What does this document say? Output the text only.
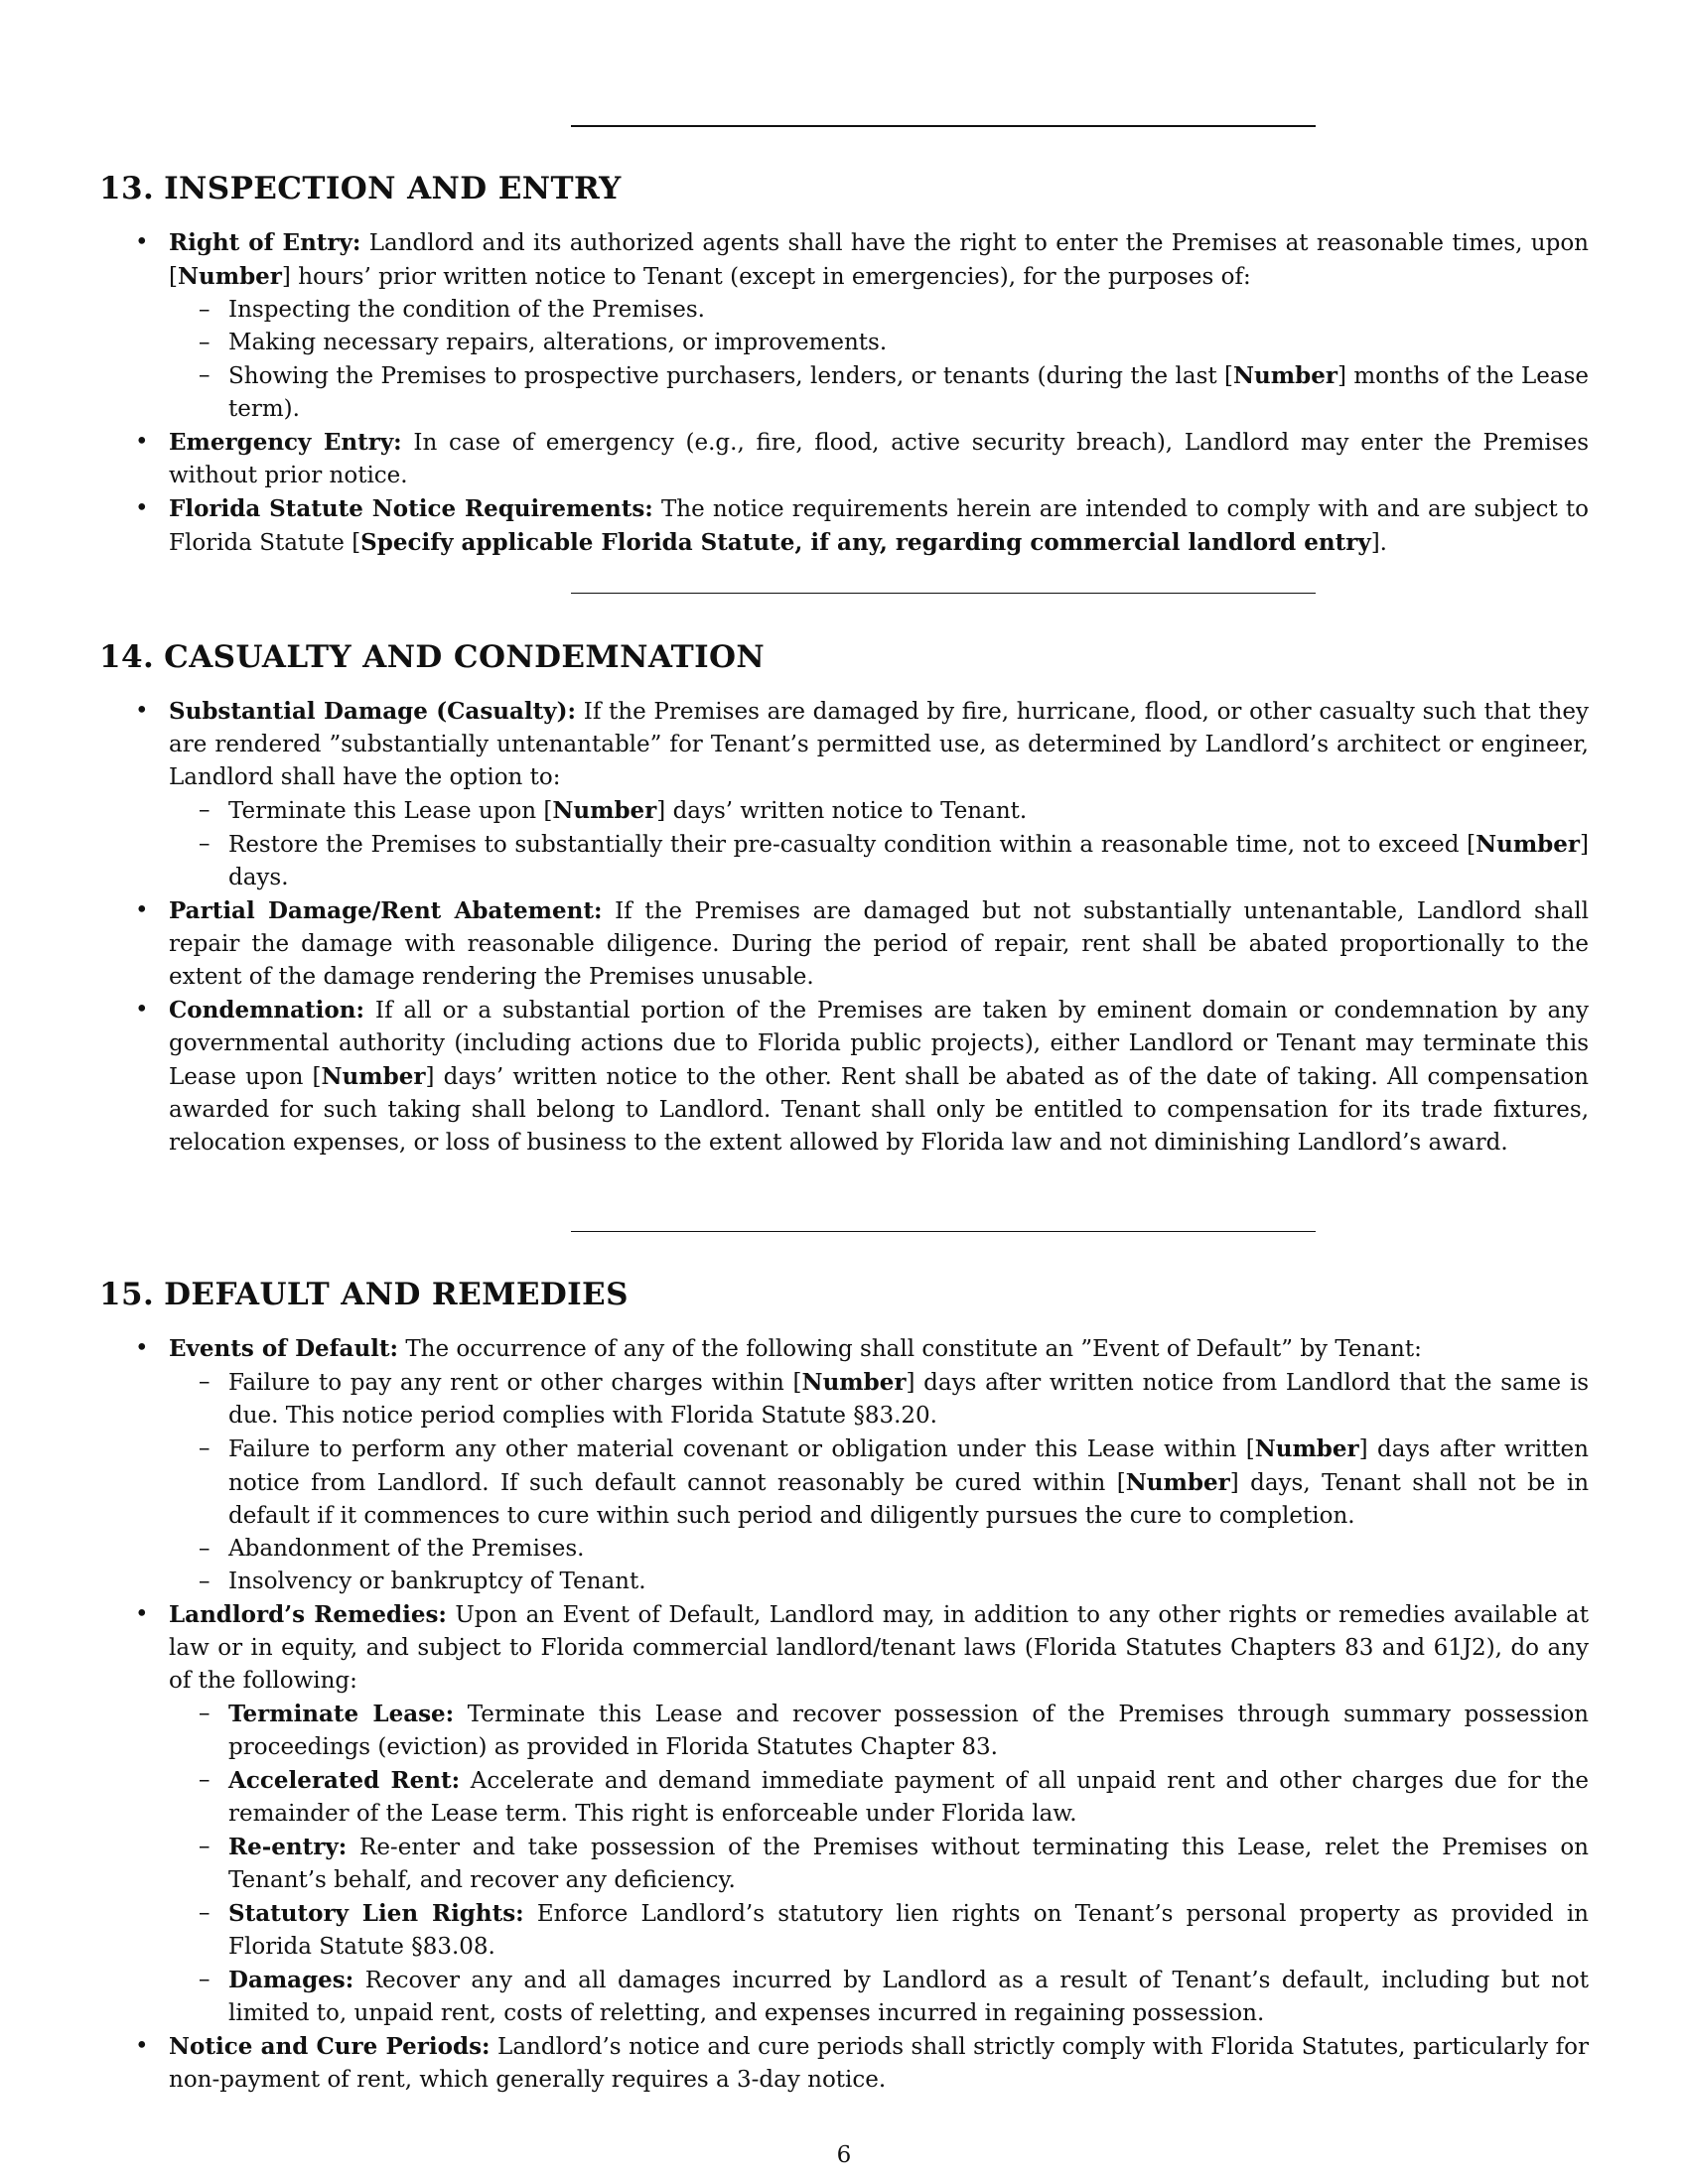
13. INSPECTION AND ENTRY
• Right of Entry: Landlord and its authorized agents shall have the right to enter the Premises at reasonable times, upon [Number] hours’ prior written notice to Tenant (except in emergencies), for the purposes of:
– Inspecting the condition of the Premises.
– Making necessary repairs, alterations, or improvements.
– Showing the Premises to prospective purchasers, lenders, or tenants (during the last [Number] months of the Lease term).
• Emergency Entry: In case of emergency (e.g., fire, flood, active security breach), Landlord may enter the Premises without prior notice.
• Florida Statute Notice Requirements: The notice requirements herein are intended to comply with and are subject to Florida Statute [Specify applicable Florida Statute, if any, regarding commercial landlord entry].
14. CASUALTY AND CONDEMNATION
• Substantial Damage (Casualty): If the Premises are damaged by fire, hurricane, flood, or other casualty such that they are rendered ”substantially untenantable” for Tenant’s permitted use, as determined by Landlord’s architect or engineer, Landlord shall have the option to:
– Terminate this Lease upon [Number] days’ written notice to Tenant.
– Restore the Premises to substantially their pre-casualty condition within a reasonable time, not to exceed [Number] days.
• Partial Damage/Rent Abatement: If the Premises are damaged but not substantially untenantable, Landlord shall repair the damage with reasonable diligence. During the period of repair, rent shall be abated proportionally to the extent of the damage rendering the Premises unusable.
• Condemnation: If all or a substantial portion of the Premises are taken by eminent domain or condemnation by any governmental authority (including actions due to Florida public projects), either Landlord or Tenant may terminate this Lease upon [Number] days’ written notice to the other. Rent shall be abated as of the date of taking. All compensation awarded for such taking shall belong to Landlord. Tenant shall only be entitled to compensation for its trade fixtures, relocation expenses, or loss of business to the extent allowed by Florida law and not diminishing Landlord’s award.
15. DEFAULT AND REMEDIES
• Events of Default: The occurrence of any of the following shall constitute an ”Event of Default” by Tenant:
– Failure to pay any rent or other charges within [Number] days after written notice from Landlord that the same is due. This notice period complies with Florida Statute §83.20.
– Failure to perform any other material covenant or obligation under this Lease within [Number] days after written notice from Landlord. If such default cannot reasonably be cured within [Number] days, Tenant shall not be in default if it commences to cure within such period and diligently pursues the cure to completion.
– Abandonment of the Premises.
– Insolvency or bankruptcy of Tenant.
• Landlord’s Remedies: Upon an Event of Default, Landlord may, in addition to any other rights or remedies available at law or in equity, and subject to Florida commercial landlord/tenant laws (Florida Statutes Chapters 83 and 61J2), do any of the following:
– Terminate Lease: Terminate this Lease and recover possession of the Premises through summary possession proceedings (eviction) as provided in Florida Statutes Chapter 83.
– Accelerated Rent: Accelerate and demand immediate payment of all unpaid rent and other charges due for the remainder of the Lease term. This right is enforceable under Florida law.
– Re-entry: Re-enter and take possession of the Premises without terminating this Lease, relet the Premises on Tenant’s behalf, and recover any deficiency.
– Statutory Lien Rights: Enforce Landlord’s statutory lien rights on Tenant’s personal property as provided in Florida Statute §83.08.
– Damages: Recover any and all damages incurred by Landlord as a result of Tenant’s default, including but not limited to, unpaid rent, costs of reletting, and expenses incurred in regaining possession.
• Notice and Cure Periods: Landlord’s notice and cure periods shall strictly comply with Florida Statutes, particularly for non-payment of rent, which generally requires a 3-day notice.
6
